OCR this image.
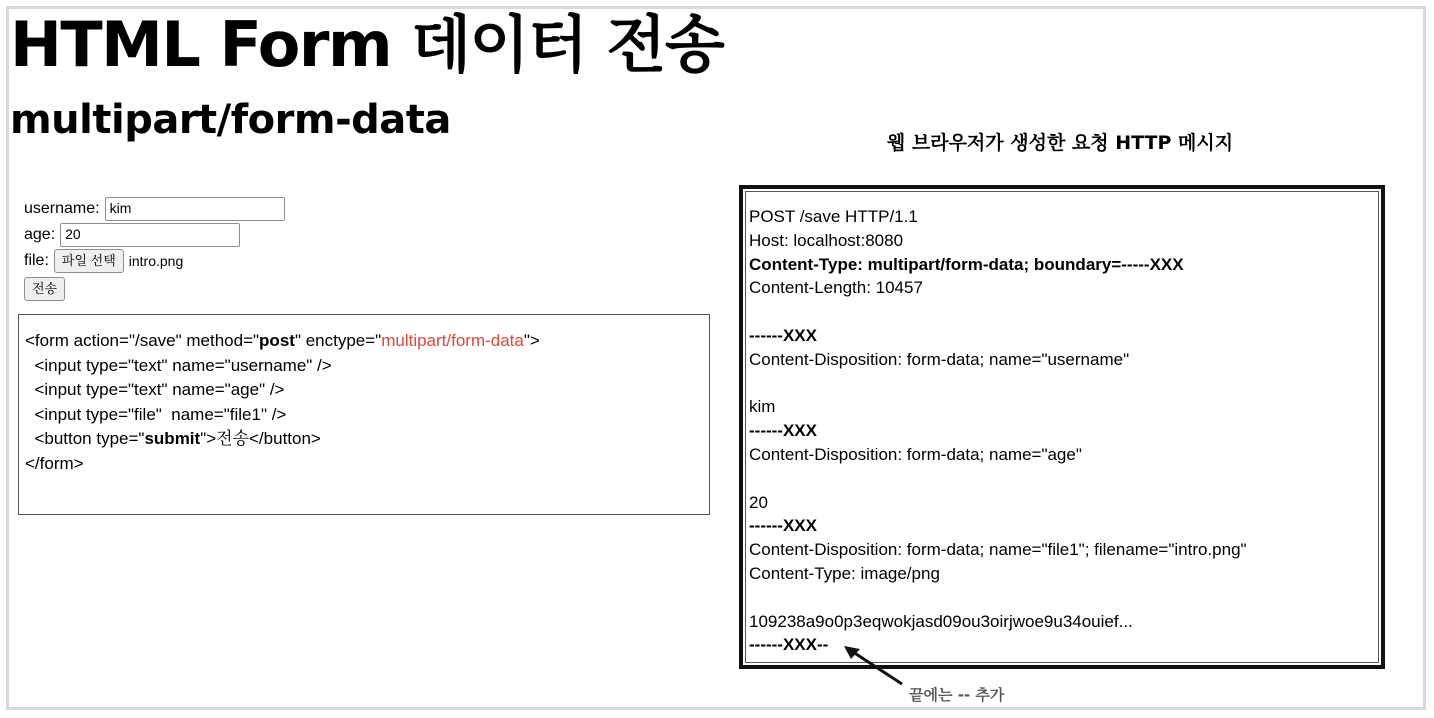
HTML Form 데이터 전송
multipart/form-data	웹 브라우저가 생성한 요청 HTTP 메시지
username: kim
age: 20
file:	파일 선택 intro.png
전송
<form action="/save" method="post" enctype="multipart/form-data">
<input type="text" name="username" />
<input type="text" name="age" />
<input type="file"  name="file1" />
<button type="submit">전송</button>
</form>
POST /save HTTP/1.1
Host: localhost:8080
Content-Type: multipart/form-data; boundary=-----XXX
Content-Length: 10457

------XXX
Content-Disposition: form-data; name="username"

kim
------XXX
Content-Disposition: form-data; name="age"

20
------XXX
Content-Disposition: form-data; name="file1"; filename="intro.png"
Content-Type: image/png

109238a9o0p3eqwokjasd09ou3oirjwoe9u34ouief...
------XXX--
끝에는 -- 추가
